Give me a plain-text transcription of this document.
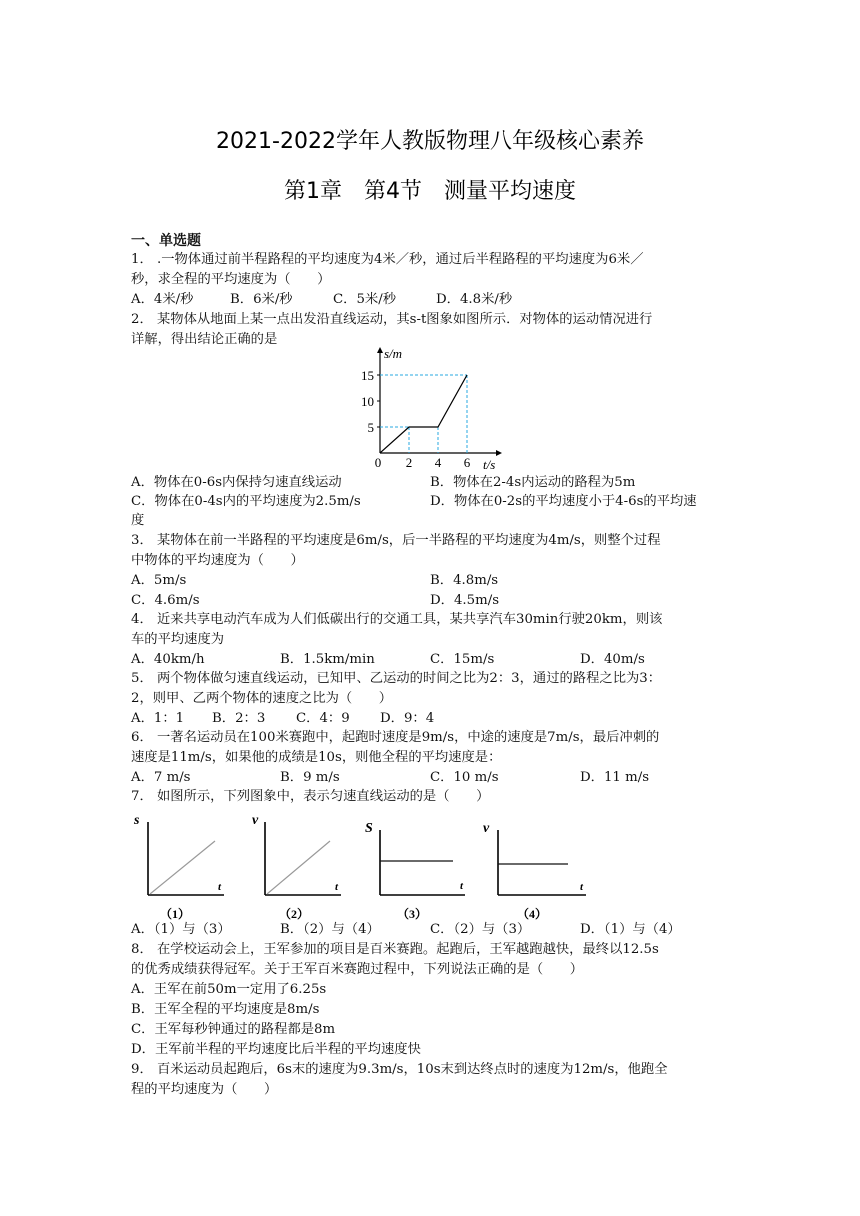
2021-2022学年人教版物理八年级核心素养
第1章　第4节　测量平均速度
一、单选题
1． .一物体通过前半程路程的平均速度为4米／秒，通过后半程路程的平均速度为6米／
秒，求全程的平均速度为（　　）
A．4米/秒	B．6米/秒	C．5米/秒	D．4.8米/秒
2． 某物体从地面上某一点出发沿直线运动，其s-t图象如图所示．对物体的运动情况进行
详解，得出结论正确的是
s/m
t/s
15
10
5
0 2 4 6
A．物体在0-6s内保持匀速直线运动	B．物体在2-4s内运动的路程为5m
C．物体在0-4s内的平均速度为2.5m/s	D．物体在0-2s的平均速度小于4-6s的平均速
度
3． 某物体在前一半路程的平均速度是6m/s，后一半路程的平均速度为4m/s，则整个过程
中物体的平均速度为（　　）
A．5m/s	B．4.8m/s
C．4.6m/s	D．4.5m/s
4． 近来共享电动汽车成为人们低碳出行的交通工具，某共享汽车30min行驶20km，则该
车的平均速度为
A．40km/h	B．1.5km/min	C．15m/s	D．40m/s
5． 两个物体做匀速直线运动，已知甲、乙运动的时间之比为2：3，通过的路程之比为3：
2，则甲、乙两个物体的速度之比为（　　）
A．1：1 B．2：3 C．4：9 D．9：4
6． 一著名运动员在100米赛跑中，起跑时速度是9m/s，中途的速度是7m/s，最后冲刺的
速度是11m/s，如果他的成绩是10s，则他全程的平均速度是：
A．7 m/s	B．9 m/s	C．10 m/s	D．11 m/s
7． 如图所示，下列图象中，表示匀速直线运动的是（　　）
s
t
（1）
v
t
（2）
S
t
（3）
v
t
（4）
A．（1）与（3）	B．（2）与（4）	C．（2）与（3）	D．（1）与（4）
8． 在学校运动会上，王军参加的项目是百米赛跑。起跑后，王军越跑越快，最终以12.5s
的优秀成绩获得冠军。关于王军百米赛跑过程中，下列说法正确的是（　　）
A．王军在前50m一定用了6.25s
B．王军全程的平均速度是8m/s
C．王军每秒钟通过的路程都是8m
D．王军前半程的平均速度比后半程的平均速度快
9． 百米运动员起跑后，6s末的速度为9.3m/s，10s末到达终点时的速度为12m/s，他跑全
程的平均速度为（　　）
